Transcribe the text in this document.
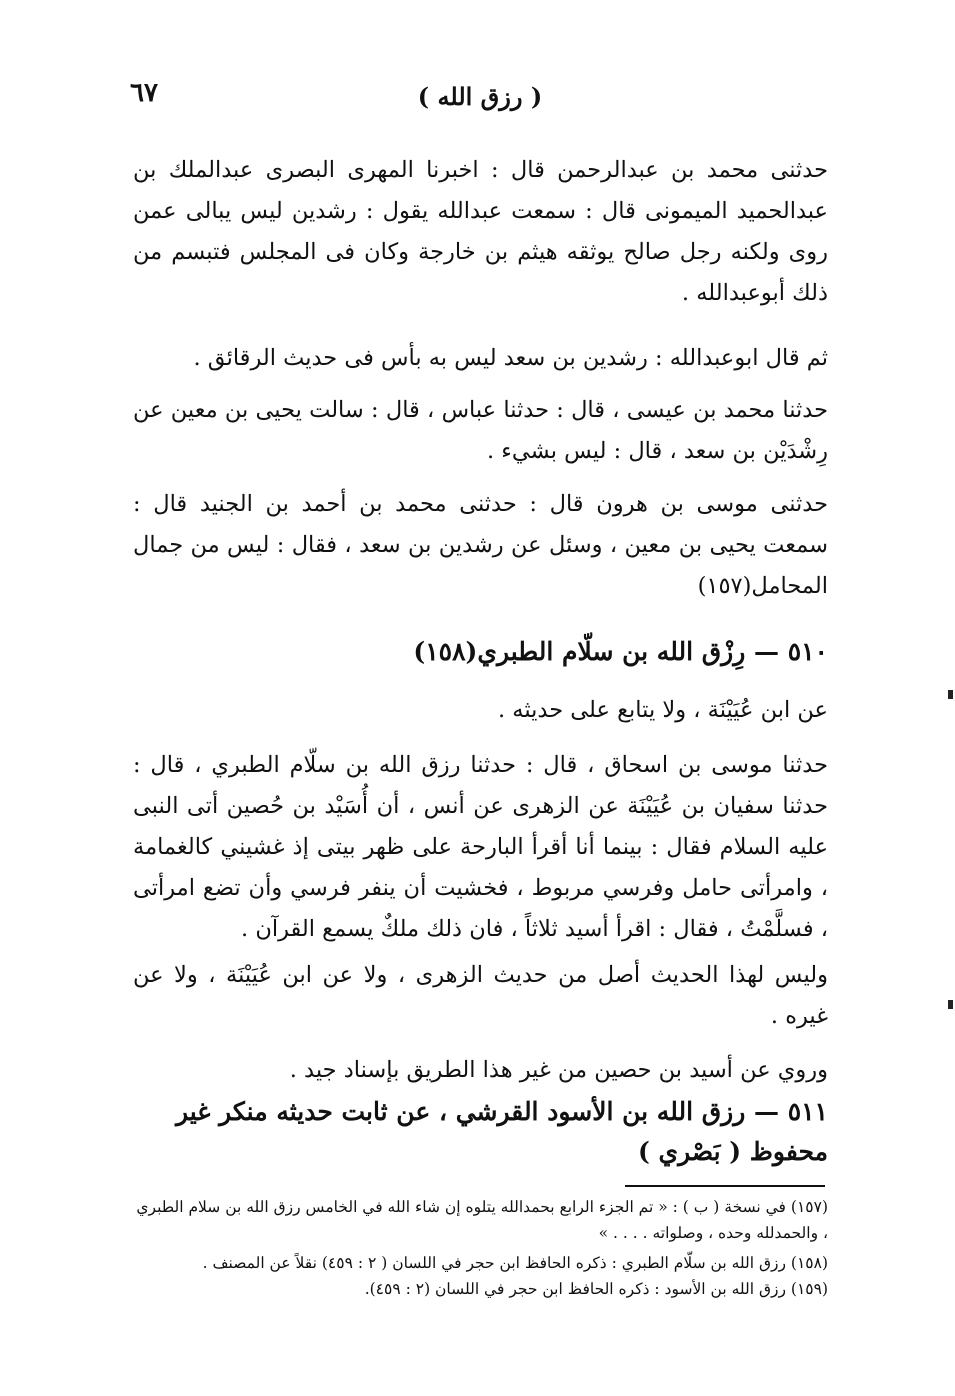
٦٧	( رزق الله )

حدثنى محمد بن عبدالرحمن قال : اخبرنا المهرى البصرى عبدالملك بن عبدالحميد الميمونى قال : سمعت عبدالله يقول : رشدين ليس يبالى عمن روى ولكنه رجل صالح يوثقه هيثم بن خارجة وكان فى المجلس فتبسم من ذلك أبوعبدالله .

ثم قال ابوعبدالله : رشدين بن سعد ليس به بأس فى حديث الرقائق .

حدثنا محمد بن عيسى ، قال : حدثنا عباس ، قال : سالت يحيى بن معين عن رِشْدَيْن بن سعد ، قال : ليس بشيء .

حدثنى موسى بن هرون قال : حدثنى محمد بن أحمد بن الجنيد قال : سمعت يحيى بن معين ، وسئل عن رشدين بن سعد ، فقال : ليس من جمال المحامل(١٥٧)

٥١٠ — رِزْق الله بن سلّام الطبري(١٥٨)

عن ابن عُيَيْنَة ، ولا يتابع على حديثه .

حدثنا موسى بن اسحاق ، قال : حدثنا رزق الله بن سلّام الطبري ، قال : حدثنا سفيان بن عُيَيْنَة عن الزهرى عن أنس ، أن أُسَيْد بن حُصين أتى النبى عليه السلام فقال : بينما أنا أقرأ البارحة على ظهر بيتى إذ غشيني كالغمامة ، وامرأتى حامل وفرسي مربوط ، فخشيت أن ينفر فرسي وأن تضع امرأتى ، فسلَّمْتُ ، فقال : اقرأ أسيد ثلاثاً ، فان ذلك ملكٌ يسمع القرآن .

وليس لهذا الحديث أصل من حديث الزهرى ، ولا عن ابن عُيَيْنَة ، ولا عن غيره .

وروي عن أسيد بن حصين من غير هذا الطريق بإسناد جيد .

٥١١ — رزق الله بن الأسود القرشي ، عن ثابت حديثه منكر غير محفوظ ( بَصْري )

(١٥٧) في نسخة ( ب ) : « تم الجزء الرابع بحمدالله يتلوه إن شاء الله في الخامس رزق الله بن سلام الطبري ، والحمدلله وحده ، وصلواته . . . . »

(١٥٨) رزق الله بن سلّام الطبري : ذكره الحافظ ابن حجر في اللسان ( ٢ : ٤٥٩) نقلاً عن المصنف .

(١٥٩) رزق الله بن الأسود : ذكره الحافظ ابن حجر في اللسان (٢ : ٤٥٩).
